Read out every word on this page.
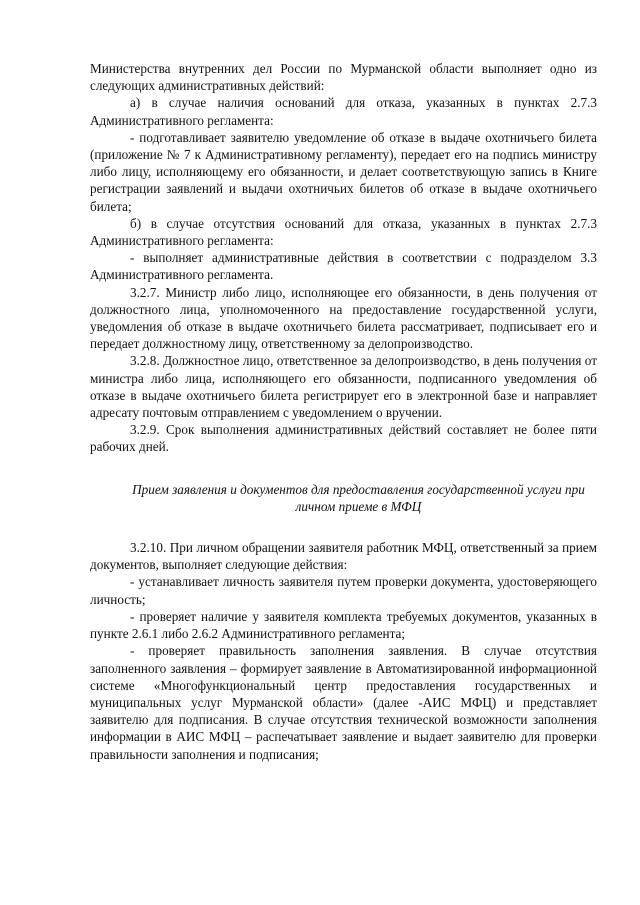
Министерства внутренних дел России по Мурманской области выполняет одно из следующих административных действий:

а) в случае наличия оснований для отказа, указанных в пунктах 2.7.3 Административного регламента:

- подготавливает заявителю уведомление об отказе в выдаче охотничьего билета (приложение № 7 к Административному регламенту), передает его на подпись министру либо лицу, исполняющему его обязанности, и делает соответствующую запись в Книге регистрации заявлений и выдачи охотничьих билетов об отказе в выдаче охотничьего билета;

б) в случае отсутствия оснований для отказа, указанных в пунктах 2.7.3 Административного регламента:

- выполняет административные действия в соответствии с подразделом 3.3 Административного регламента.

3.2.7. Министр либо лицо, исполняющее его обязанности, в день получения от должностного лица, уполномоченного на предоставление государственной услуги, уведомления об отказе в выдаче охотничьего билета рассматривает, подписывает его и передает должностному лицу, ответственному за делопроизводство.

3.2.8. Должностное лицо, ответственное за делопроизводство, в день получения от министра либо лица, исполняющего его обязанности, подписанного уведомления об отказе в выдаче охотничьего билета регистрирует его в электронной базе и направляет адресату почтовым отправлением с уведомлением о вручении.

3.2.9. Срок выполнения административных действий составляет не более пяти рабочих дней.

Прием заявления и документов для предоставления государственной услуги при личном приеме в МФЦ

3.2.10. При личном обращении заявителя работник МФЦ, ответственный за прием документов, выполняет следующие действия:

- устанавливает личность заявителя путем проверки документа, удостоверяющего личность;

- проверяет наличие у заявителя комплекта требуемых документов, указанных в пункте 2.6.1 либо 2.6.2 Административного регламента;

- проверяет правильность заполнения заявления. В случае отсутствия заполненного заявления – формирует заявление в Автоматизированной информационной системе «Многофункциональный центр предоставления государственных и муниципальных услуг Мурманской области» (далее -АИС МФЦ) и представляет заявителю для подписания. В случае отсутствия технической возможности заполнения информации в АИС МФЦ – распечатывает заявление и выдает заявителю для проверки правильности заполнения и подписания;
